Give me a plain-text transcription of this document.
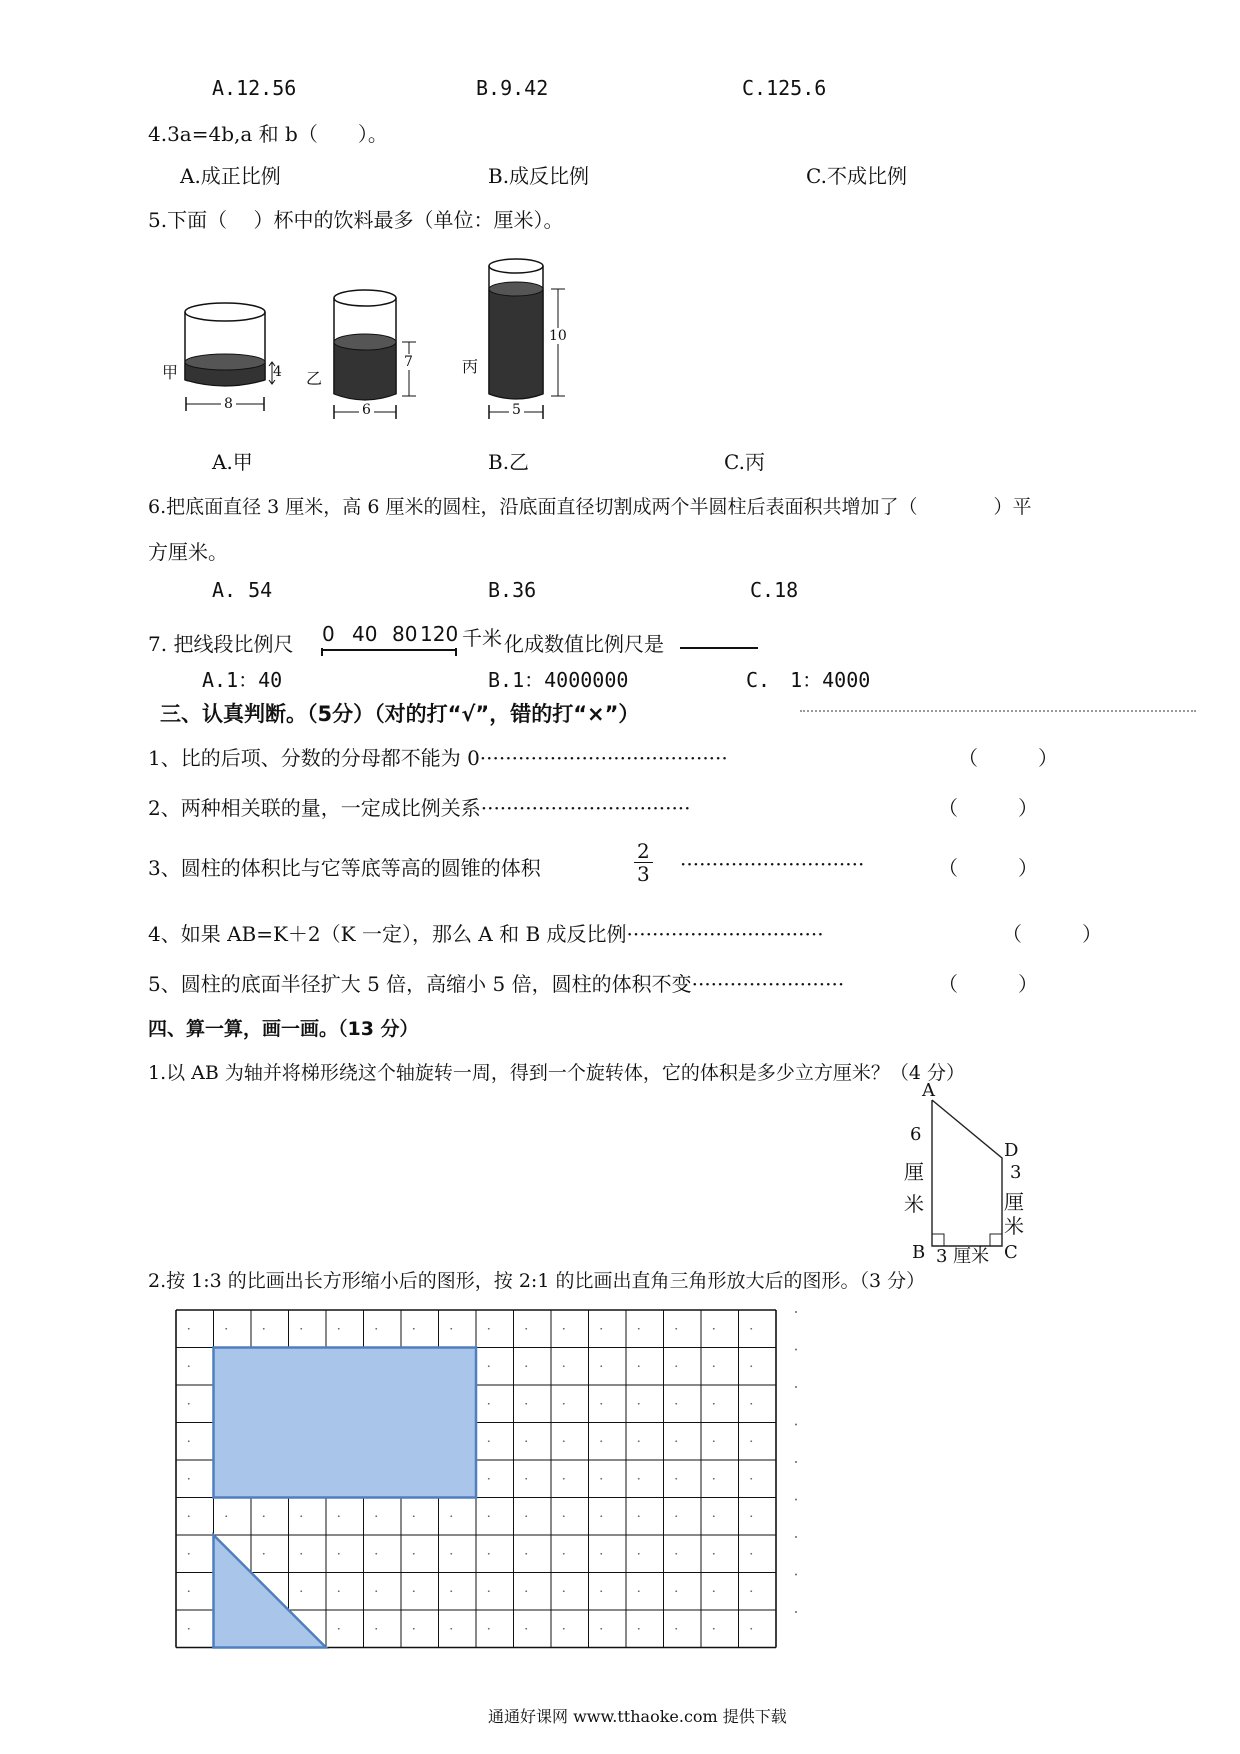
A.12.56	B.9.42	C.125.6
4.3a=4b,a 和 b（　　）。
A.成正比例	B.成反比例	C.不成比例
5.下面（　 ）杯中的饮料最多（单位：厘米）。
甲	4
8
乙
7
6
丙
10
5
A.甲	B.乙	C.丙
6.把底面直径 3 厘米，高 6 厘米的圆柱，沿底面直径切割成两个半圆柱后表面积共增加了（　　　　）平
方厘米。
A. 54	B.36	C.18
7. 把线段比例尺 0 40 80 120 千米 化成数值比例尺是
A.1：40	B.1：4000000	C.　1：4000
三、认真判断。（5分）（对的打“√”，错的打“×”）
1、比的后项、分数的分母都不能为 0·······································	（　　　）
2、两种相关联的量，一定成比例关系·································	（　　　）
3、圆柱的体积比与它等底等高的圆锥的体积	$\frac{2}{3}$ ·····························	（　　　）
4、如果 AB=K＋2（K 一定），那么 A 和 B 成反比例·······························	（　　　）
5、圆柱的底面半径扩大 5 倍，高缩小 5 倍，圆柱的体积不变························	（　　　）
四、算一算，画一画。（13 分）
1.以 AB 为轴并将梯形绕这个轴旋转一周，得到一个旋转体，它的体积是多少立方厘米？（4 分）
A
D
B	C
6
厘
米
3
厘
米
3 厘米
2.按 1:3 的比画出长方形缩小后的图形，按 2:1 的比画出直角三角形放大后的图形。（3 分）
通通好课网 www.tthaoke.com 提供下载
